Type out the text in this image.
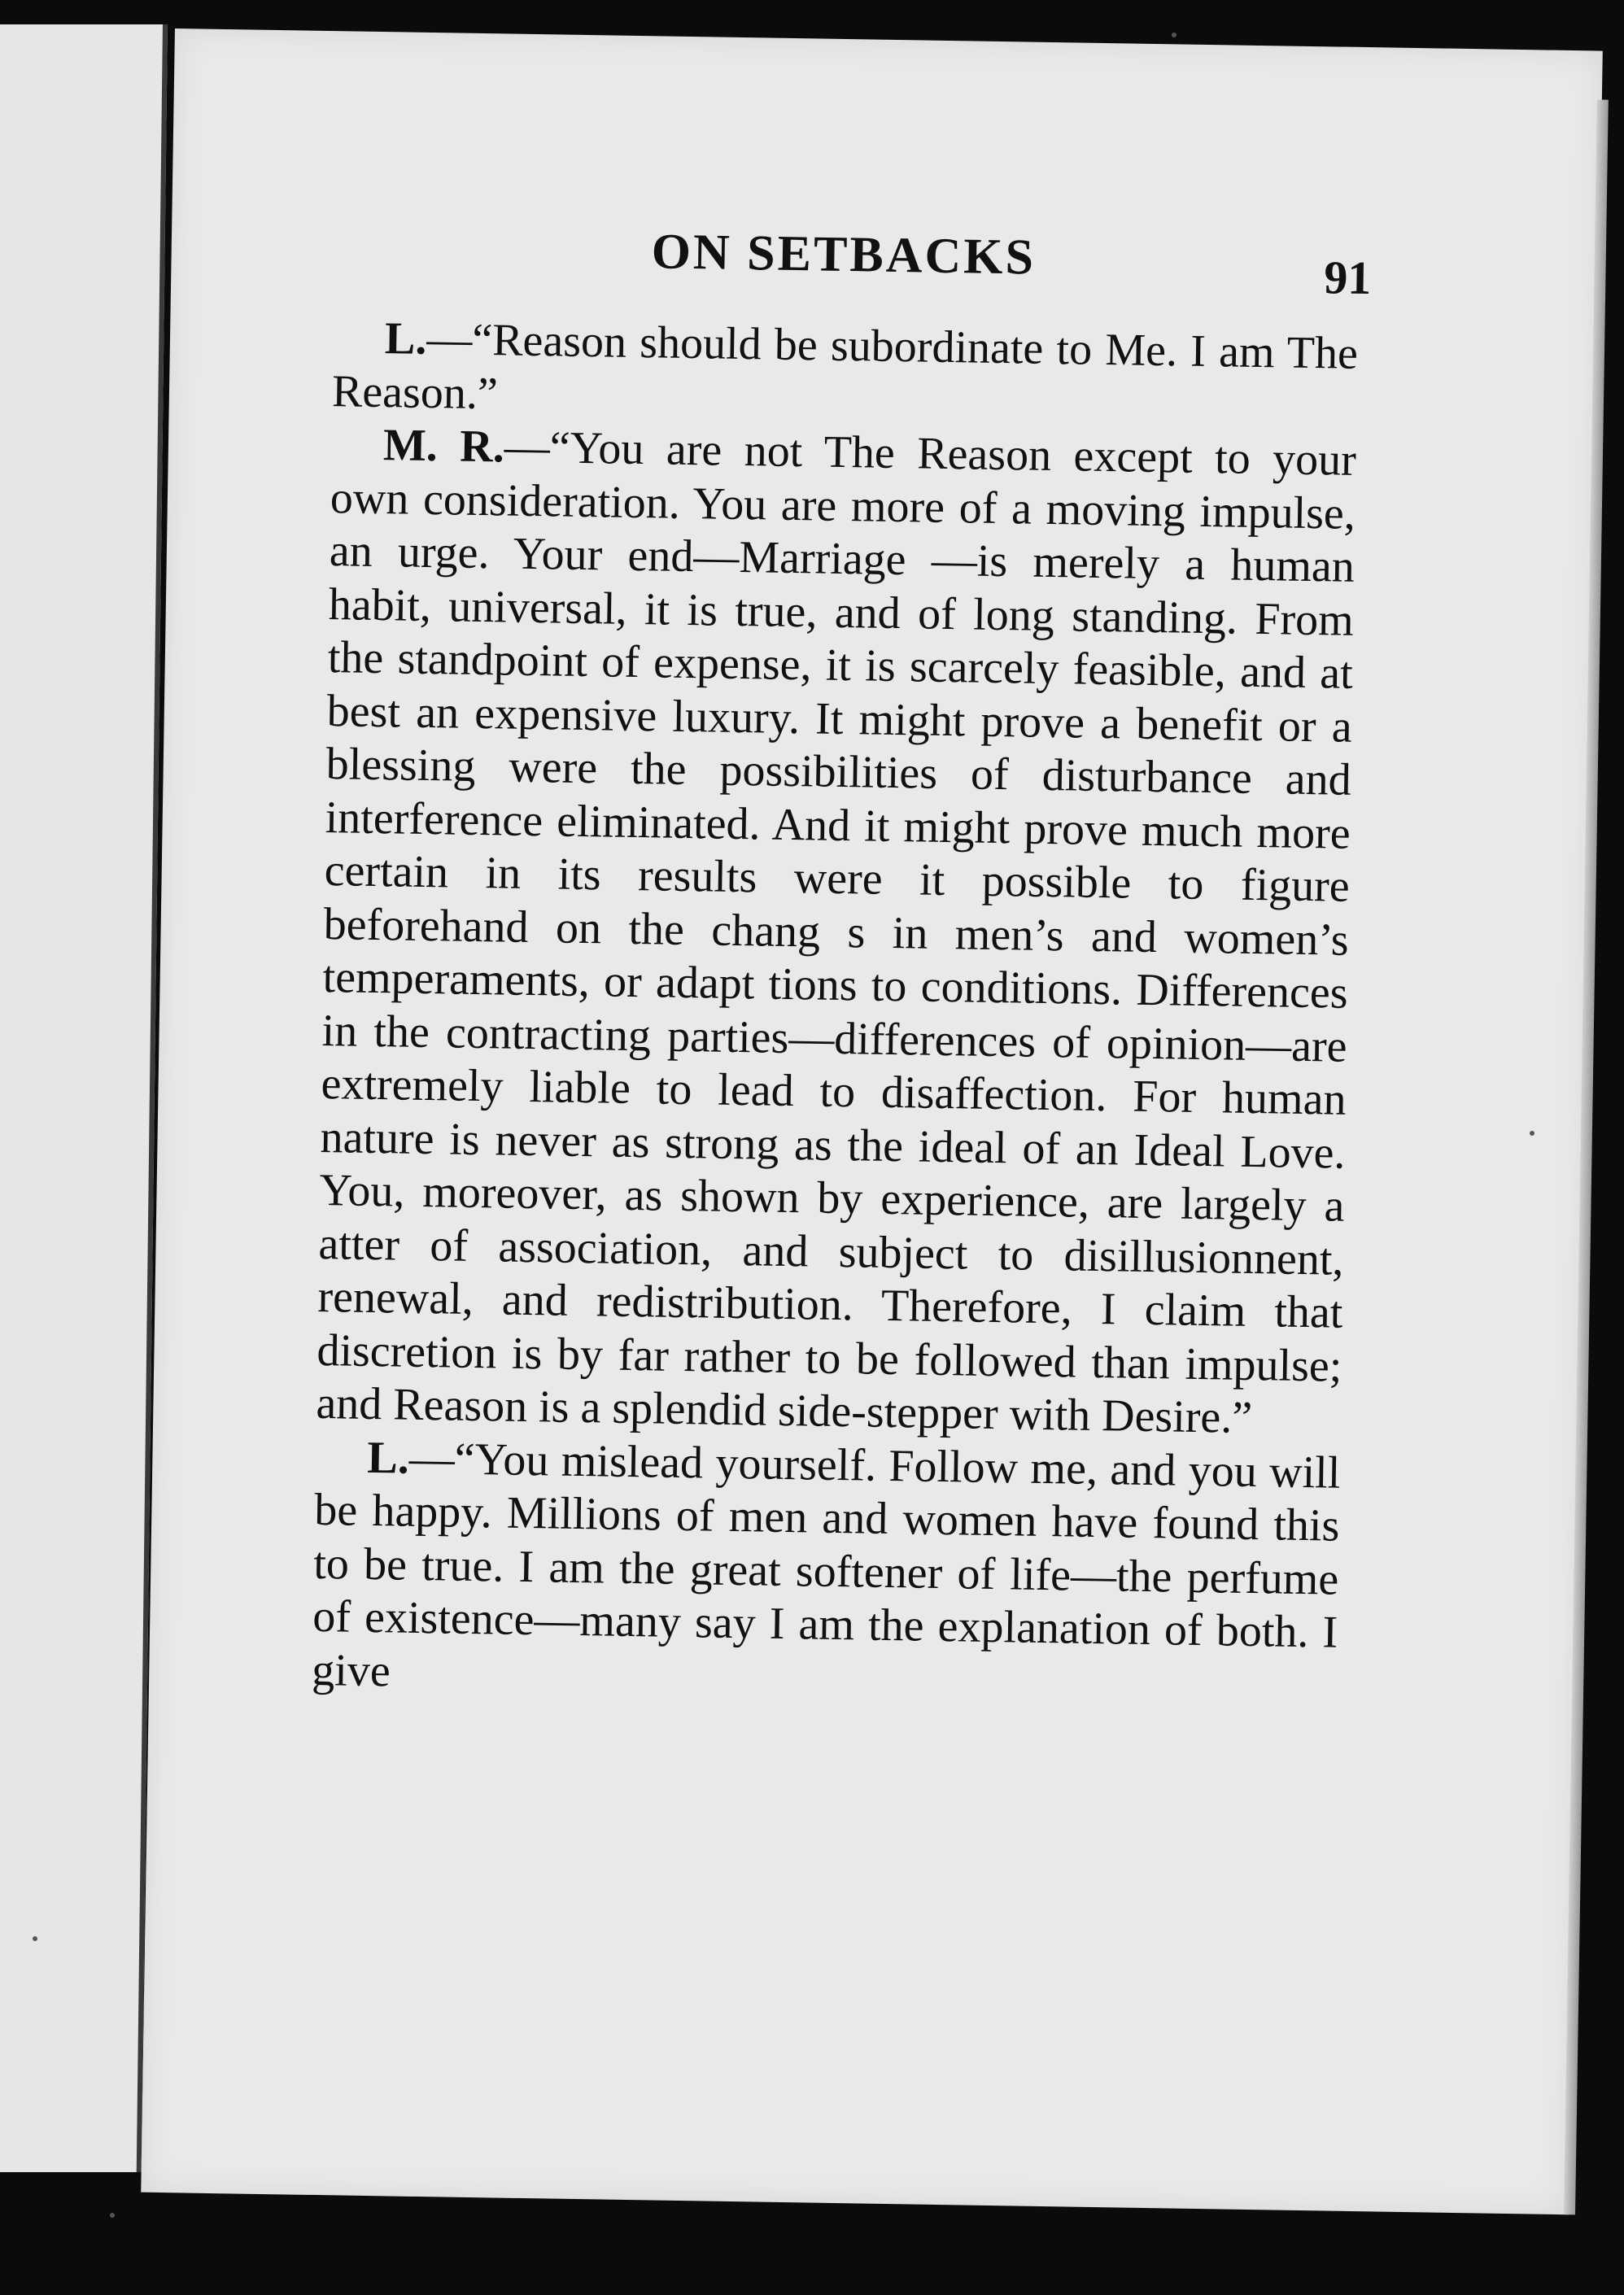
ON SETBACKS	91

L.—“Reason should be subordinate to Me. I am The Reason.”

M. R.—“You are not The Reason except to your own consideration. You are more of a moving impulse, an urge. Your end—Marriage —is merely a human habit, universal, it is true, and of long standing. From the standpoint of expense, it is scarcely feasible, and at best an expensive luxury. It might prove a benefit or a blessing were the possibilities of disturbance and interference eliminated. And it might prove much more certain in its results were it possible to figure beforehand on the chang s in men’s and women’s temperaments, or adapt tions to conditions. Differences in the contracting parties—differences of opinion—are extremely liable to lead to disaffection. For human nature is never as strong as the ideal of an Ideal Love. You, moreover, as shown by experience, are largely a atter of association, and subject to disillusionnent, renewal, and redistribution. Therefore, I claim that discretion is by far rather to be followed than impulse; and Reason is a splendid side-stepper with Desire.”

L.—“You mislead yourself. Follow me, and you will be happy. Millions of men and women have found this to be true. I am the great softener of life—the perfume of existence—many say I am the explanation of both. I give
